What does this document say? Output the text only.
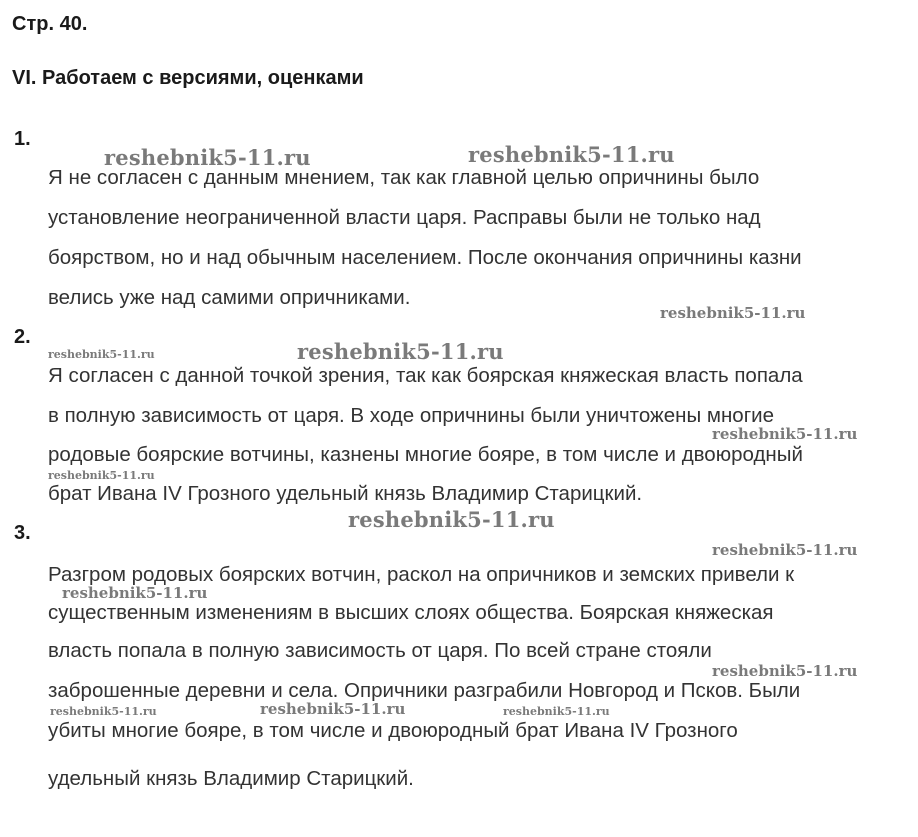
Стр. 40.
VI. Работаем с версиями, оценками
1.
Я не согласен с данным мнением, так как главной целью опричнины было
установление неограниченной власти царя. Расправы были не только над
боярством, но и над обычным населением. После окончания опричнины казни
велись уже над самими опричниками.
2.
Я согласен с данной точкой зрения, так как боярская княжеская власть попала
в полную зависимость от царя. В ходе опричнины были уничтожены многие
родовые боярские вотчины, казнены многие бояре, в том числе и двоюродный
брат Ивана IV Грозного удельный князь Владимир Старицкий.
3.
Разгром родовых боярских вотчин, раскол на опричников и земских привели к
существенным изменениям в высших слоях общества. Боярская княжеская
власть попала в полную зависимость от царя. По всей стране стояли
заброшенные деревни и села. Опричники разграбили Новгород и Псков. Были
убиты многие бояре, в том числе и двоюродный брат Ивана IV Грозного
удельный князь Владимир Старицкий.
reshebnik5-11.ru	reshebnik5-11.ru
reshebnik5-11.ru
reshebnik5-11.ru	reshebnik5-11.ru
reshebnik5-11.ru
reshebnik5-11.ru
reshebnik5-11.ru
reshebnik5-11.ru
reshebnik5-11.ru
reshebnik5-11.ru
reshebnik5-11.ru	reshebnik5-11.ru	reshebnik5-11.ru
